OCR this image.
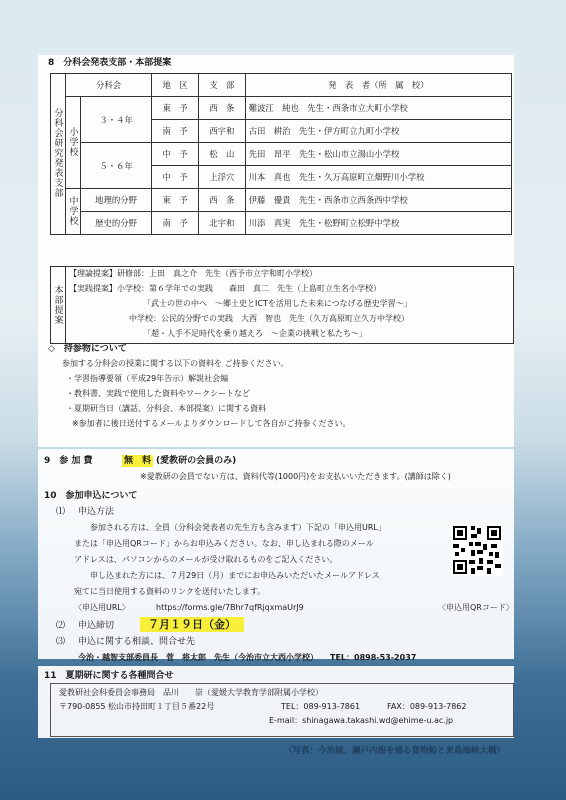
8　分科会発表支部・本部提案
分科会研究発表支部	分科会		地　区	支　部	発　表　者（所　属　校）
	小学校	３・４年	東　予	西　条	難波江　純也　先生・西条市立大町小学校
			南　予	西宇和	古田　耕治　先生・伊方町立九町小学校
		５・６年	中　予	松　山	先田　昂平　先生・松山市立湯山小学校
			中　予	上浮穴	川本　真也　先生・久万高原町立畑野川小学校
	中学校	地理的分野	東　予	西　条	伊藤　優貴　先生・西条市立西条西中学校
		歴史的分野	南　予	北宇和	川添　真実　先生・松野町立松野中学校
本部提案
【理論提案】研修部：上田　真之介　先生（西予市立宇和町小学校）
【実践提案】小学校：第６学年での実践　　森田　真二　先生（上島町立生名小学校）
「武士の世の中へ　〜郷土史とICTを活用した未来につなげる歴史学習〜」
中学校：公民的分野での実践　大西　智也　先生（久万高原町立久万中学校）
「超・人手不足時代を乗り越えろ　〜企業の挑戦と私たち〜」
◇　持参物について
参加する分科会の授業に関する以下の資料を ご持参ください。
・学習指導要領（平成29年告示）解説社会編
・教科書、実践で使用した資料やワークシートなど
・夏期研当日（講話、分科会、本部提案）に関する資料
※参加者に後日送付するメールよりダウンロードして各自がご持参ください。
9　参 加 費	無　料 (愛教研の会員のみ)
※愛教研の会員でない方は、資料代等(1000円)をお支払いいただきます。(講師は除く)
10　参加申込について
⑴ 申込方法
参加される方は、全員（分科会発表者の先生方も含みます）下記の「申込用URL」
または「申込用QRコード」からお申込みください。なお、申し込まれる際のメール
アドレスは、パソコンからのメールが受け取れるものをご記入ください。
申し込まれた方には、７月29日（月）までにお申込みいただいたメールアドレス
宛てに当日使用する資料のリンクを送付いたします。
〈申込用URL〉	https://forms.gle/7Bhr7qfRjqxmaUrJ9	〈申込用QRコード〉
⑵ 申込締切	７月１９日（金）
⑶ 申込に関する相談、問合せ先
今治・越智支部委員長　菅　将太郎　先生（今治市立大西小学校）　　TEL：0898-53-2037
11　夏期研に関する各種問合せ
愛教研社会科委員会事務局　品川　　崇（愛媛大学教育学部附属小学校）
〒790-0855 松山市持田町１丁目５番22号	TEL：089-913-7861	FAX：089-913-7862
E-mail：shinagawa.takashi.wd@ehime-u.ac.jp
（写真：今治城、瀬戸内海を通る貨物船と来島海峡大橋）
